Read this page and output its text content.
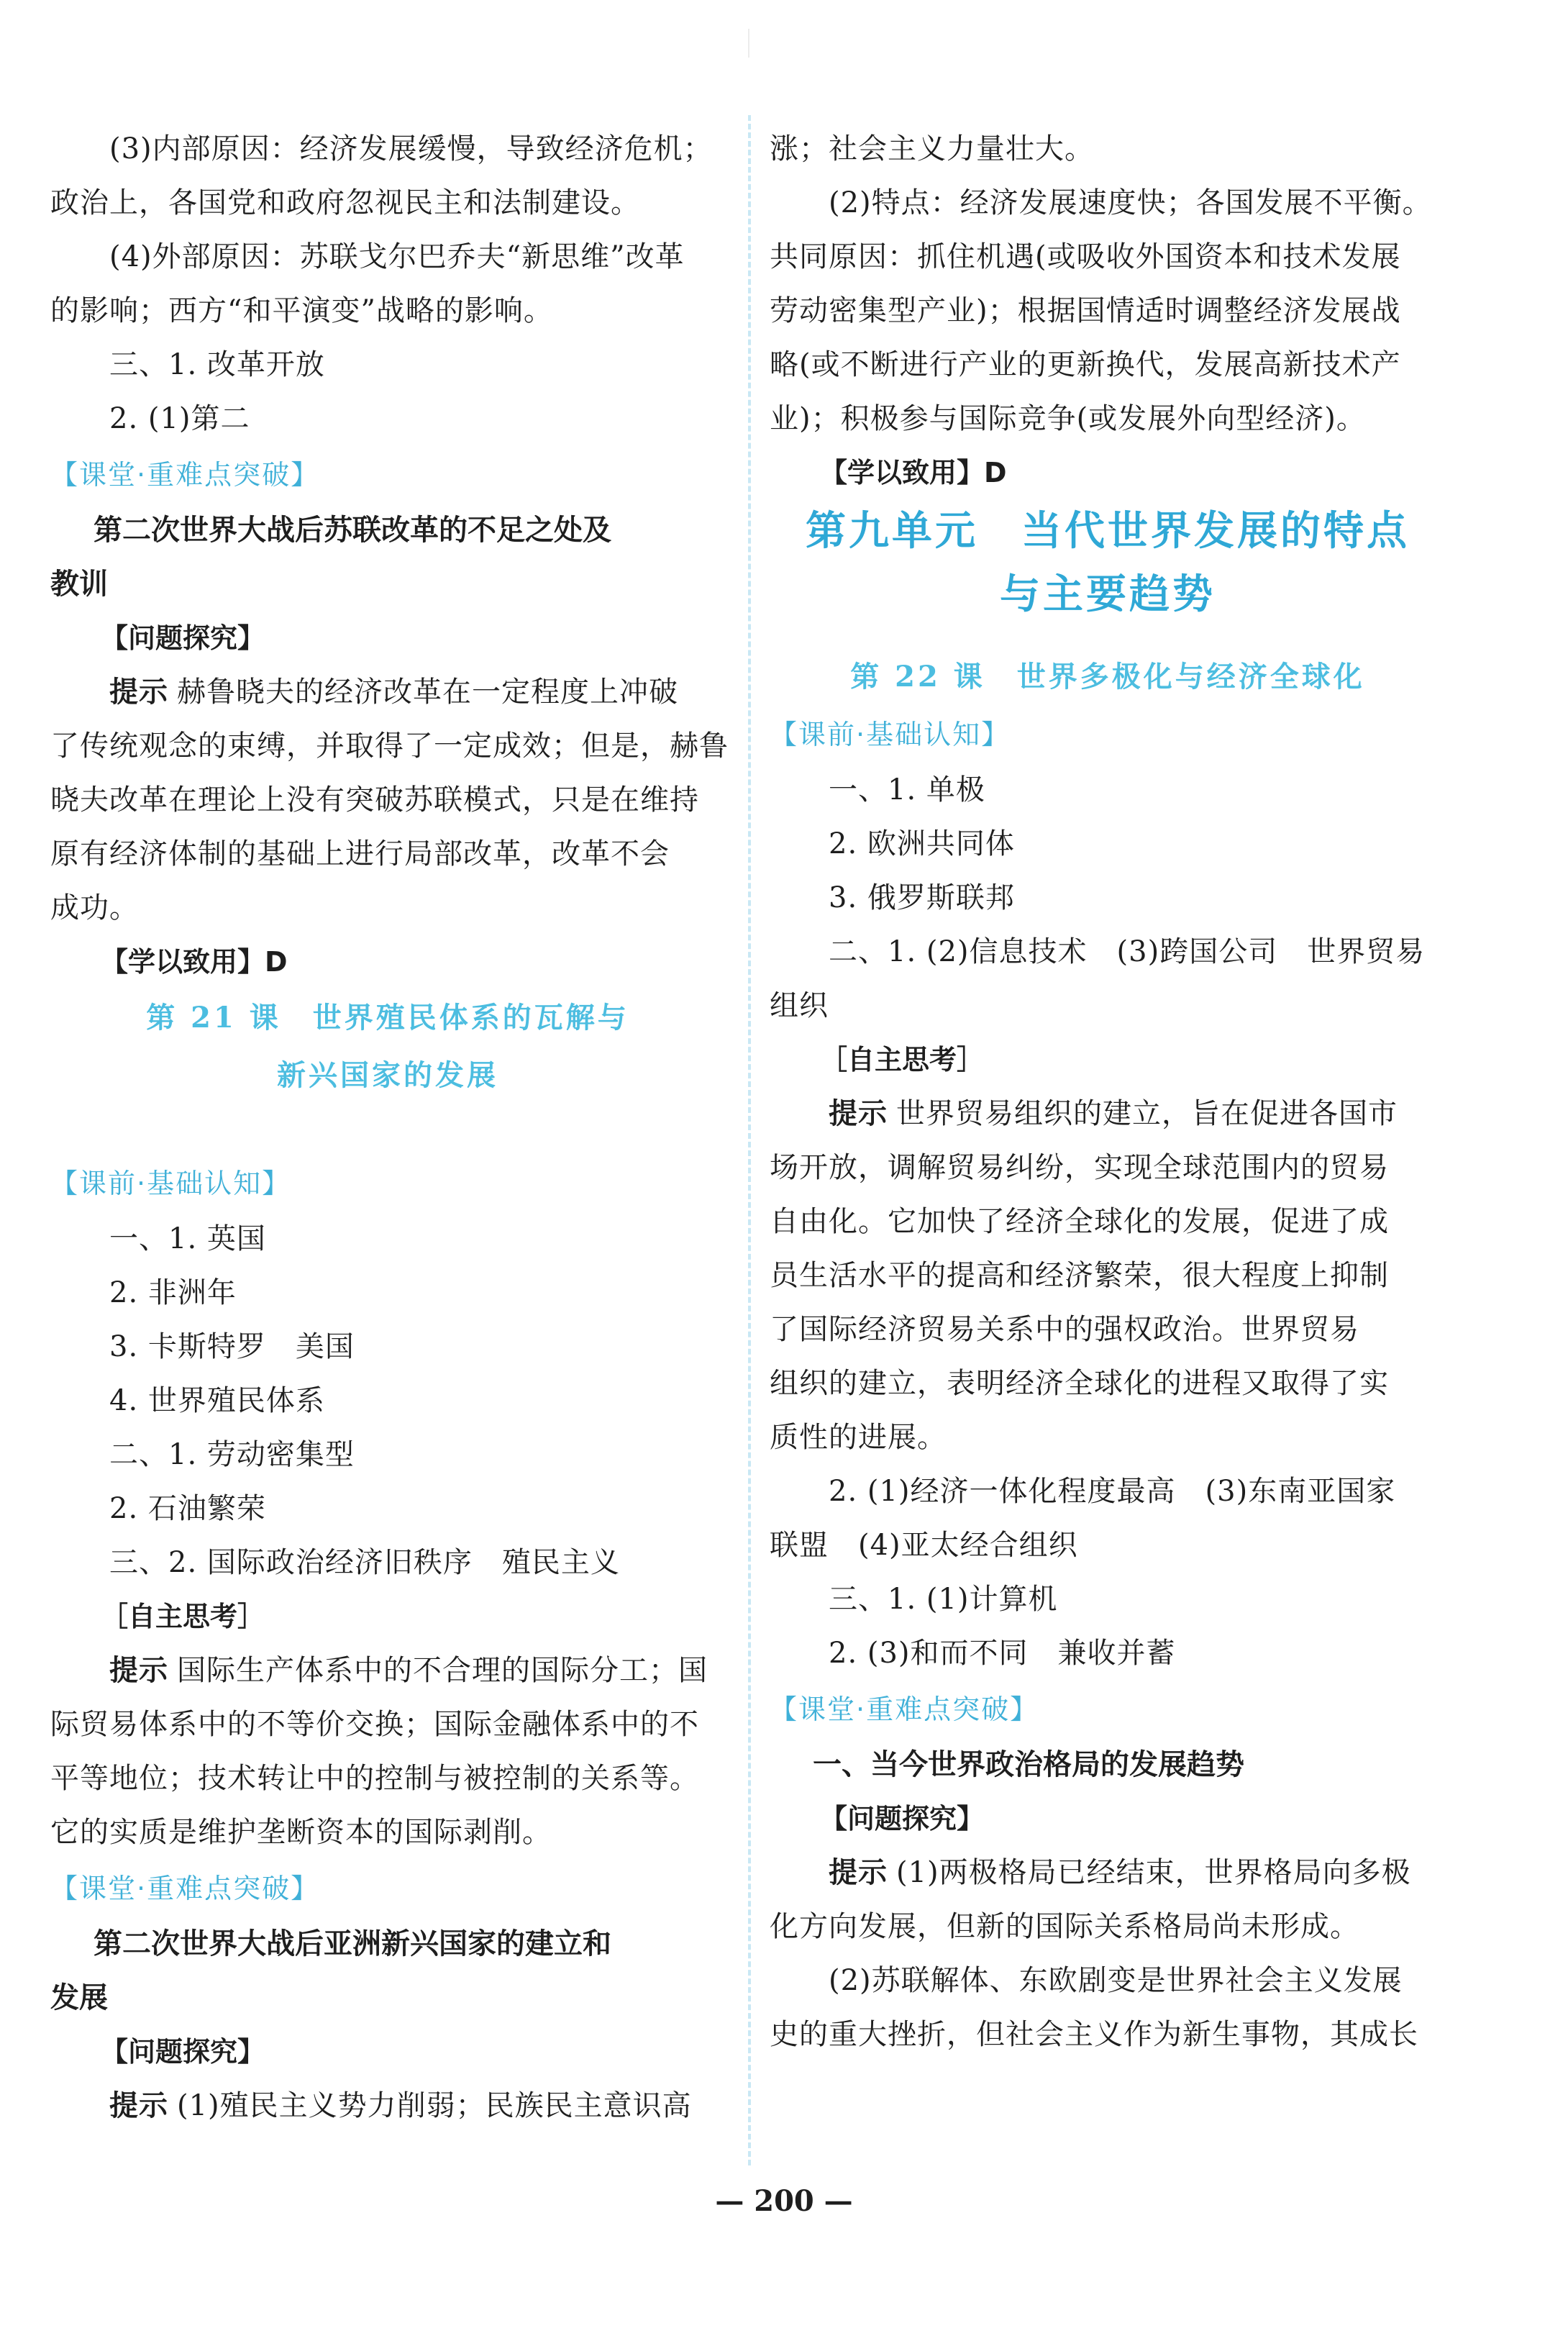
(3)内部原因：经济发展缓慢，导致经济危机；
政治上，各国党和政府忽视民主和法制建设。
(4)外部原因：苏联戈尔巴乔夫“新思维”改革
的影响；西方“和平演变”战略的影响。
三、1. 改革开放
2. (1)第二
【课堂·重难点突破】
第二次世界大战后苏联改革的不足之处及
教训
【问题探究】
提示 赫鲁晓夫的经济改革在一定程度上冲破
了传统观念的束缚，并取得了一定成效；但是，赫鲁
晓夫改革在理论上没有突破苏联模式，只是在维持
原有经济体制的基础上进行局部改革，改革不会
成功。
【学以致用】D
第 21 课　世界殖民体系的瓦解与
新兴国家的发展
【课前·基础认知】
一、1. 英国
2. 非洲年
3. 卡斯特罗　美国
4. 世界殖民体系
二、1. 劳动密集型
2. 石油繁荣
三、2. 国际政治经济旧秩序　殖民主义
［自主思考］
提示 国际生产体系中的不合理的国际分工；国
际贸易体系中的不等价交换；国际金融体系中的不
平等地位；技术转让中的控制与被控制的关系等。
它的实质是维护垄断资本的国际剥削。
【课堂·重难点突破】
第二次世界大战后亚洲新兴国家的建立和
发展
【问题探究】
提示 (1)殖民主义势力削弱；民族民主意识高
涨；社会主义力量壮大。
(2)特点：经济发展速度快；各国发展不平衡。
共同原因：抓住机遇(或吸收外国资本和技术发展
劳动密集型产业)；根据国情适时调整经济发展战
略(或不断进行产业的更新换代，发展高新技术产
业)；积极参与国际竞争(或发展外向型经济)。
【学以致用】D
第九单元　当代世界发展的特点
与主要趋势
第 22 课　世界多极化与经济全球化
【课前·基础认知】
一、1. 单极
2. 欧洲共同体
3. 俄罗斯联邦
二、1. (2)信息技术　(3)跨国公司　世界贸易
组织
［自主思考］
提示 世界贸易组织的建立，旨在促进各国市
场开放，调解贸易纠纷，实现全球范围内的贸易
自由化。它加快了经济全球化的发展，促进了成
员生活水平的提高和经济繁荣，很大程度上抑制
了国际经济贸易关系中的强权政治。世界贸易
组织的建立，表明经济全球化的进程又取得了实
质性的进展。
2. (1)经济一体化程度最高　(3)东南亚国家
联盟　(4)亚太经合组织
三、1. (1)计算机
2. (3)和而不同　兼收并蓄
【课堂·重难点突破】
一、当今世界政治格局的发展趋势
【问题探究】
提示 (1)两极格局已经结束，世界格局向多极
化方向发展，但新的国际关系格局尚未形成。
(2)苏联解体、东欧剧变是世界社会主义发展
史的重大挫折，但社会主义作为新生事物，其成长
— 200 —
